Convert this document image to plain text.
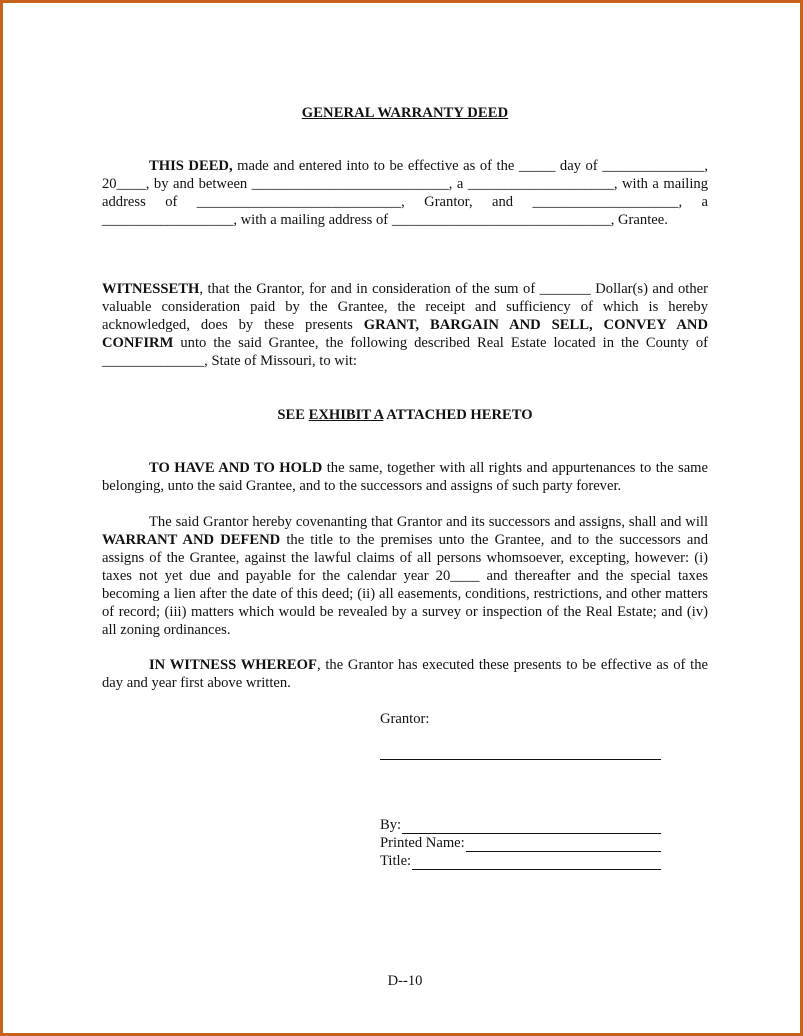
GENERAL WARRANTY DEED

THIS DEED, made and entered into to be effective as of the _____ day of ______________, 20____, by and between ___________________________, a ____________________, with a mailing address of ____________________________, Grantor, and ____________________, a __________________, with a mailing address of ______________________________, Grantee.

WITNESSETH, that the Grantor, for and in consideration of the sum of _______ Dollar(s) and other valuable consideration paid by the Grantee, the receipt and sufficiency of which is hereby acknowledged, does by these presents GRANT, BARGAIN AND SELL, CONVEY AND CONFIRM unto the said Grantee, the following described Real Estate located in the County of ______________, State of Missouri, to wit:

SEE EXHIBIT A ATTACHED HERETO

TO HAVE AND TO HOLD the same, together with all rights and appurtenances to the same belonging, unto the said Grantee, and to the successors and assigns of such party forever.

The said Grantor hereby covenanting that Grantor and its successors and assigns, shall and will WARRANT AND DEFEND the title to the premises unto the Grantee, and to the successors and assigns of the Grantee, against the lawful claims of all persons whomsoever, excepting, however: (i) taxes not yet due and payable for the calendar year 20____ and thereafter and the special taxes becoming a lien after the date of this deed; (ii) all easements, conditions, restrictions, and other matters of record; (iii) matters which would be revealed by a survey or inspection of the Real Estate; and (iv) all zoning ordinances.

IN WITNESS WHEREOF, the Grantor has executed these presents to be effective as of the day and year first above written.

Grantor:
By:
Printed Name:
Title:
D--10
